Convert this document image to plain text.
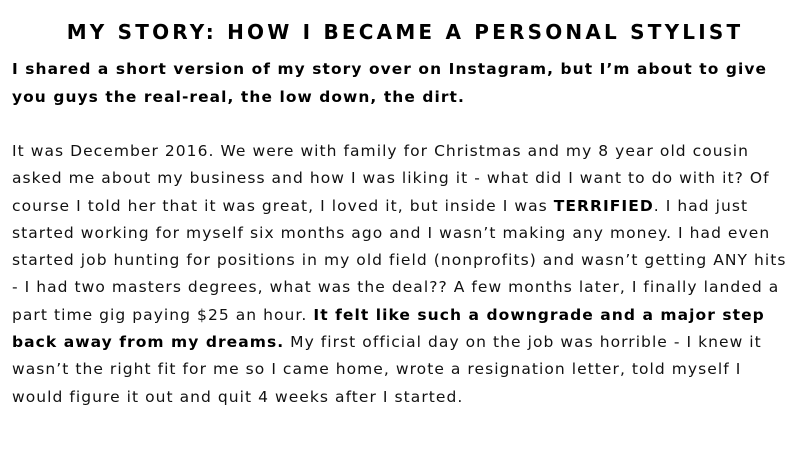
MY STORY: HOW I BECAME A PERSONAL STYLIST

I shared a short version of my story over on Instagram, but I’m about to give you guys the real-real, the low down, the dirt.

It was December 2016. We were with family for Christmas and my 8 year old cousin asked me about my business and how I was liking it - what did I want to do with it? Of course I told her that it was great, I loved it, but inside I was TERRIFIED. I had just started working for myself six months ago and I wasn’t making any money. I had even started job hunting for positions in my old field (nonprofits) and wasn’t getting ANY hits - I had two masters degrees, what was the deal?? A few months later, I finally landed a part time gig paying $25 an hour. It felt like such a downgrade and a major step back away from my dreams. My first official day on the job was horrible - I knew it wasn’t the right fit for me so I came home, wrote a resignation letter, told myself I would figure it out and quit 4 weeks after I started.
